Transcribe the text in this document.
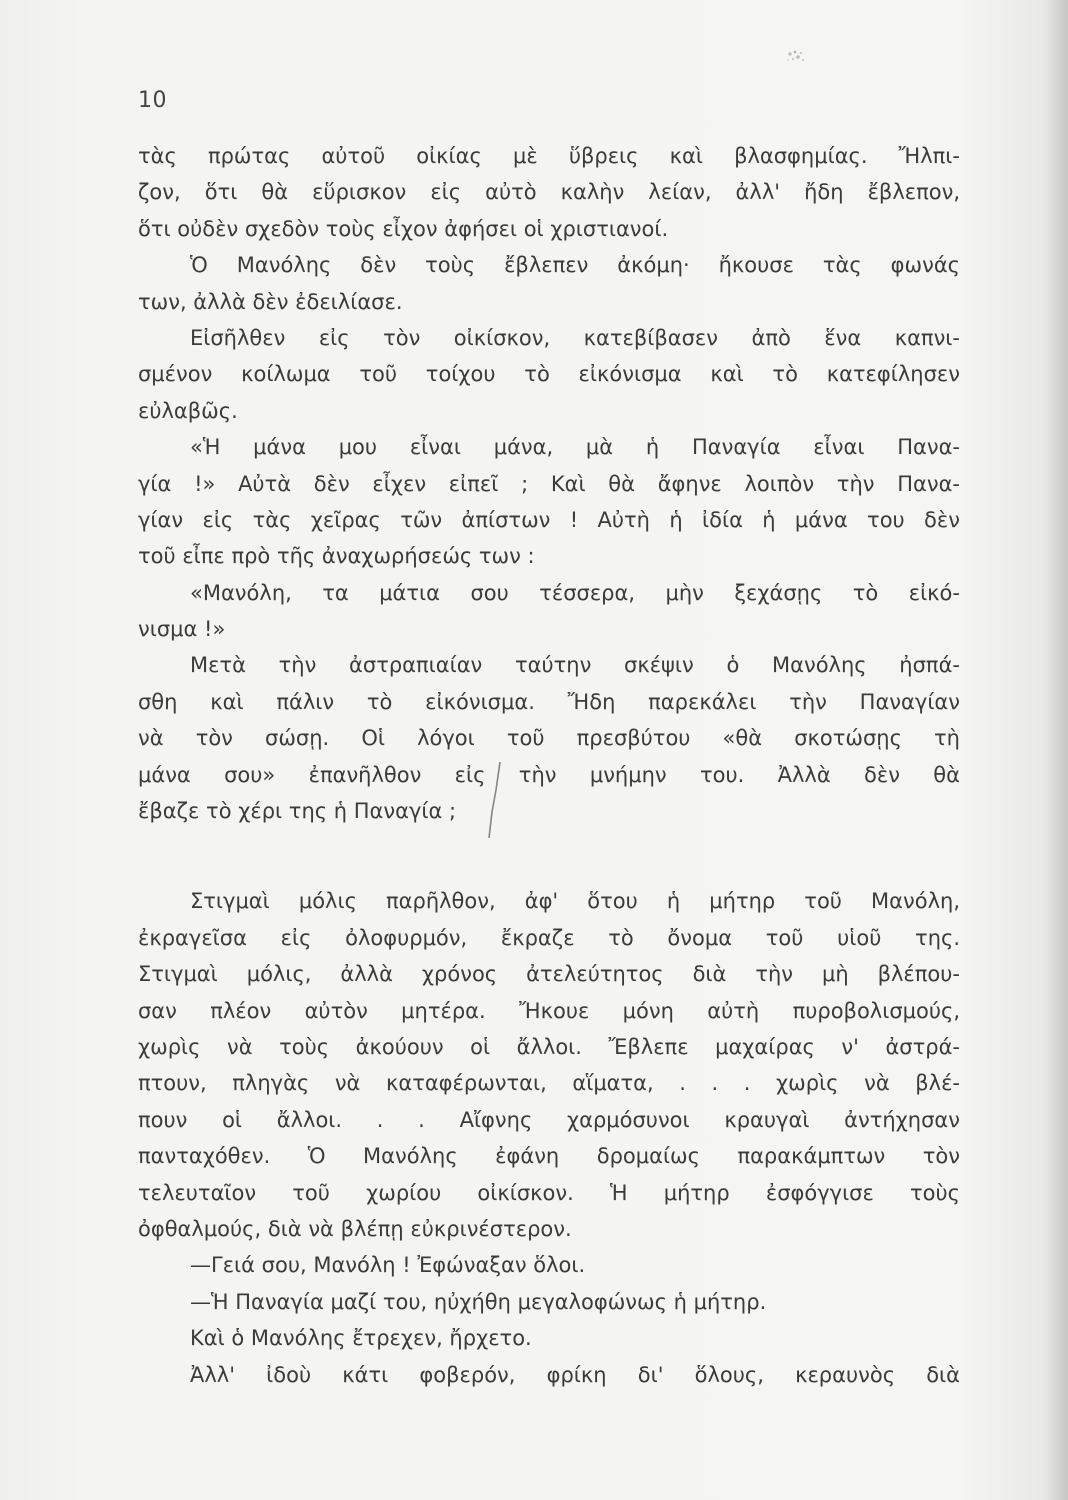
10
τὰς πρώτας αὐτοῦ οἰκίας μὲ ὕβρεις καὶ βλασφημίας. Ἤλπι-
ζον, ὅτι θὰ εὕρισκον εἰς αὐτὸ καλὴν λείαν, ἀλλ' ἤδη ἔβλεπον,
ὅτι οὐδὲν σχεδὸν τοὺς εἶχον ἀφήσει οἱ χριστιανοί.
Ὁ Μανόλης δὲν τοὺς ἔβλεπεν ἀκόμη· ἤκουσε τὰς φωνάς
των, ἀλλὰ δὲν ἐδειλίασε.
Εἰσῆλθεν εἰς τὸν οἰκίσκον, κατεβίβασεν ἀπὸ ἕνα καπνι-
σμένον κοίλωμα τοῦ τοίχου τὸ εἰκόνισμα καὶ τὸ κατεφίλησεν
εὐλαβῶς.
«Ἡ μάνα μου εἶναι μάνα, μὰ ἡ Παναγία εἶναι Πανα-
γία !» Αὐτὰ δὲν εἶχεν εἰπεῖ ; Καὶ θὰ ἄφηνε λοιπὸν τὴν Πανα-
γίαν εἰς τὰς χεῖρας τῶν ἀπίστων ! Αὐτὴ ἡ ἰδία ἡ μάνα του δὲν
τοῦ εἶπε πρὸ τῆς ἀναχωρήσεώς των :
«Μανόλη, τα μάτια σου τέσσερα, μὴν ξεχάσῃς τὸ εἰκό-
νισμα !»
Μετὰ τὴν ἀστραπιαίαν ταύτην σκέψιν ὁ Μανόλης ἠσπά-
σθη καὶ πάλιν τὸ εἰκόνισμα. Ἤδη παρεκάλει τὴν Παναγίαν
νὰ τὸν σώσῃ. Οἱ λόγοι τοῦ πρεσβύτου «θὰ σκοτώσῃς τὴ
μάνα σου» ἐπανῆλθον εἰς τὴν μνήμην του. Ἀλλὰ δὲν θὰ
ἔβαζε τὸ χέρι της ἡ Παναγία ;
Στιγμαὶ μόλις παρῆλθον, ἀφ' ὅτου ἡ μήτηρ τοῦ Μανόλη,
ἐκραγεῖσα εἰς ὀλοφυρμόν, ἔκραζε τὸ ὄνομα τοῦ υἱοῦ της.
Στιγμαὶ μόλις, ἀλλὰ χρόνος ἀτελεύτητος διὰ τὴν μὴ βλέπου-
σαν πλέον αὐτὸν μητέρα. Ἤκουε μόνη αὐτὴ πυροβολισμούς,
χωρὶς νὰ τοὺς ἀκούουν οἱ ἄλλοι. Ἔβλεπε μαχαίρας ν' ἀστρά-
πτουν, πληγὰς νὰ καταφέρωνται, αἵματα, . . . χωρὶς νὰ βλέ-
πουν οἱ ἄλλοι. . . Αἴφνης χαρμόσυνοι κραυγαὶ ἀντήχησαν
πανταχόθεν. Ὁ Μανόλης ἐφάνη δρομαίως παρακάμπτων τὸν
τελευταῖον τοῦ χωρίου οἰκίσκον. Ἡ μήτηρ ἐσφόγγισε τοὺς
ὀφθαλμούς, διὰ νὰ βλέπῃ εὐκρινέστερον.
—Γειά σου, Μανόλη ! Ἐφώναξαν ὅλοι.
—Ἡ Παναγία μαζί του, ηὐχήθη μεγαλοφώνως ἡ μήτηρ.
Καὶ ὁ Μανόλης ἔτρεχεν, ἤρχετο.
Ἀλλ' ἰδοὺ κάτι φοβερόν, φρίκη δι' ὅλους, κεραυνὸς διὰ
